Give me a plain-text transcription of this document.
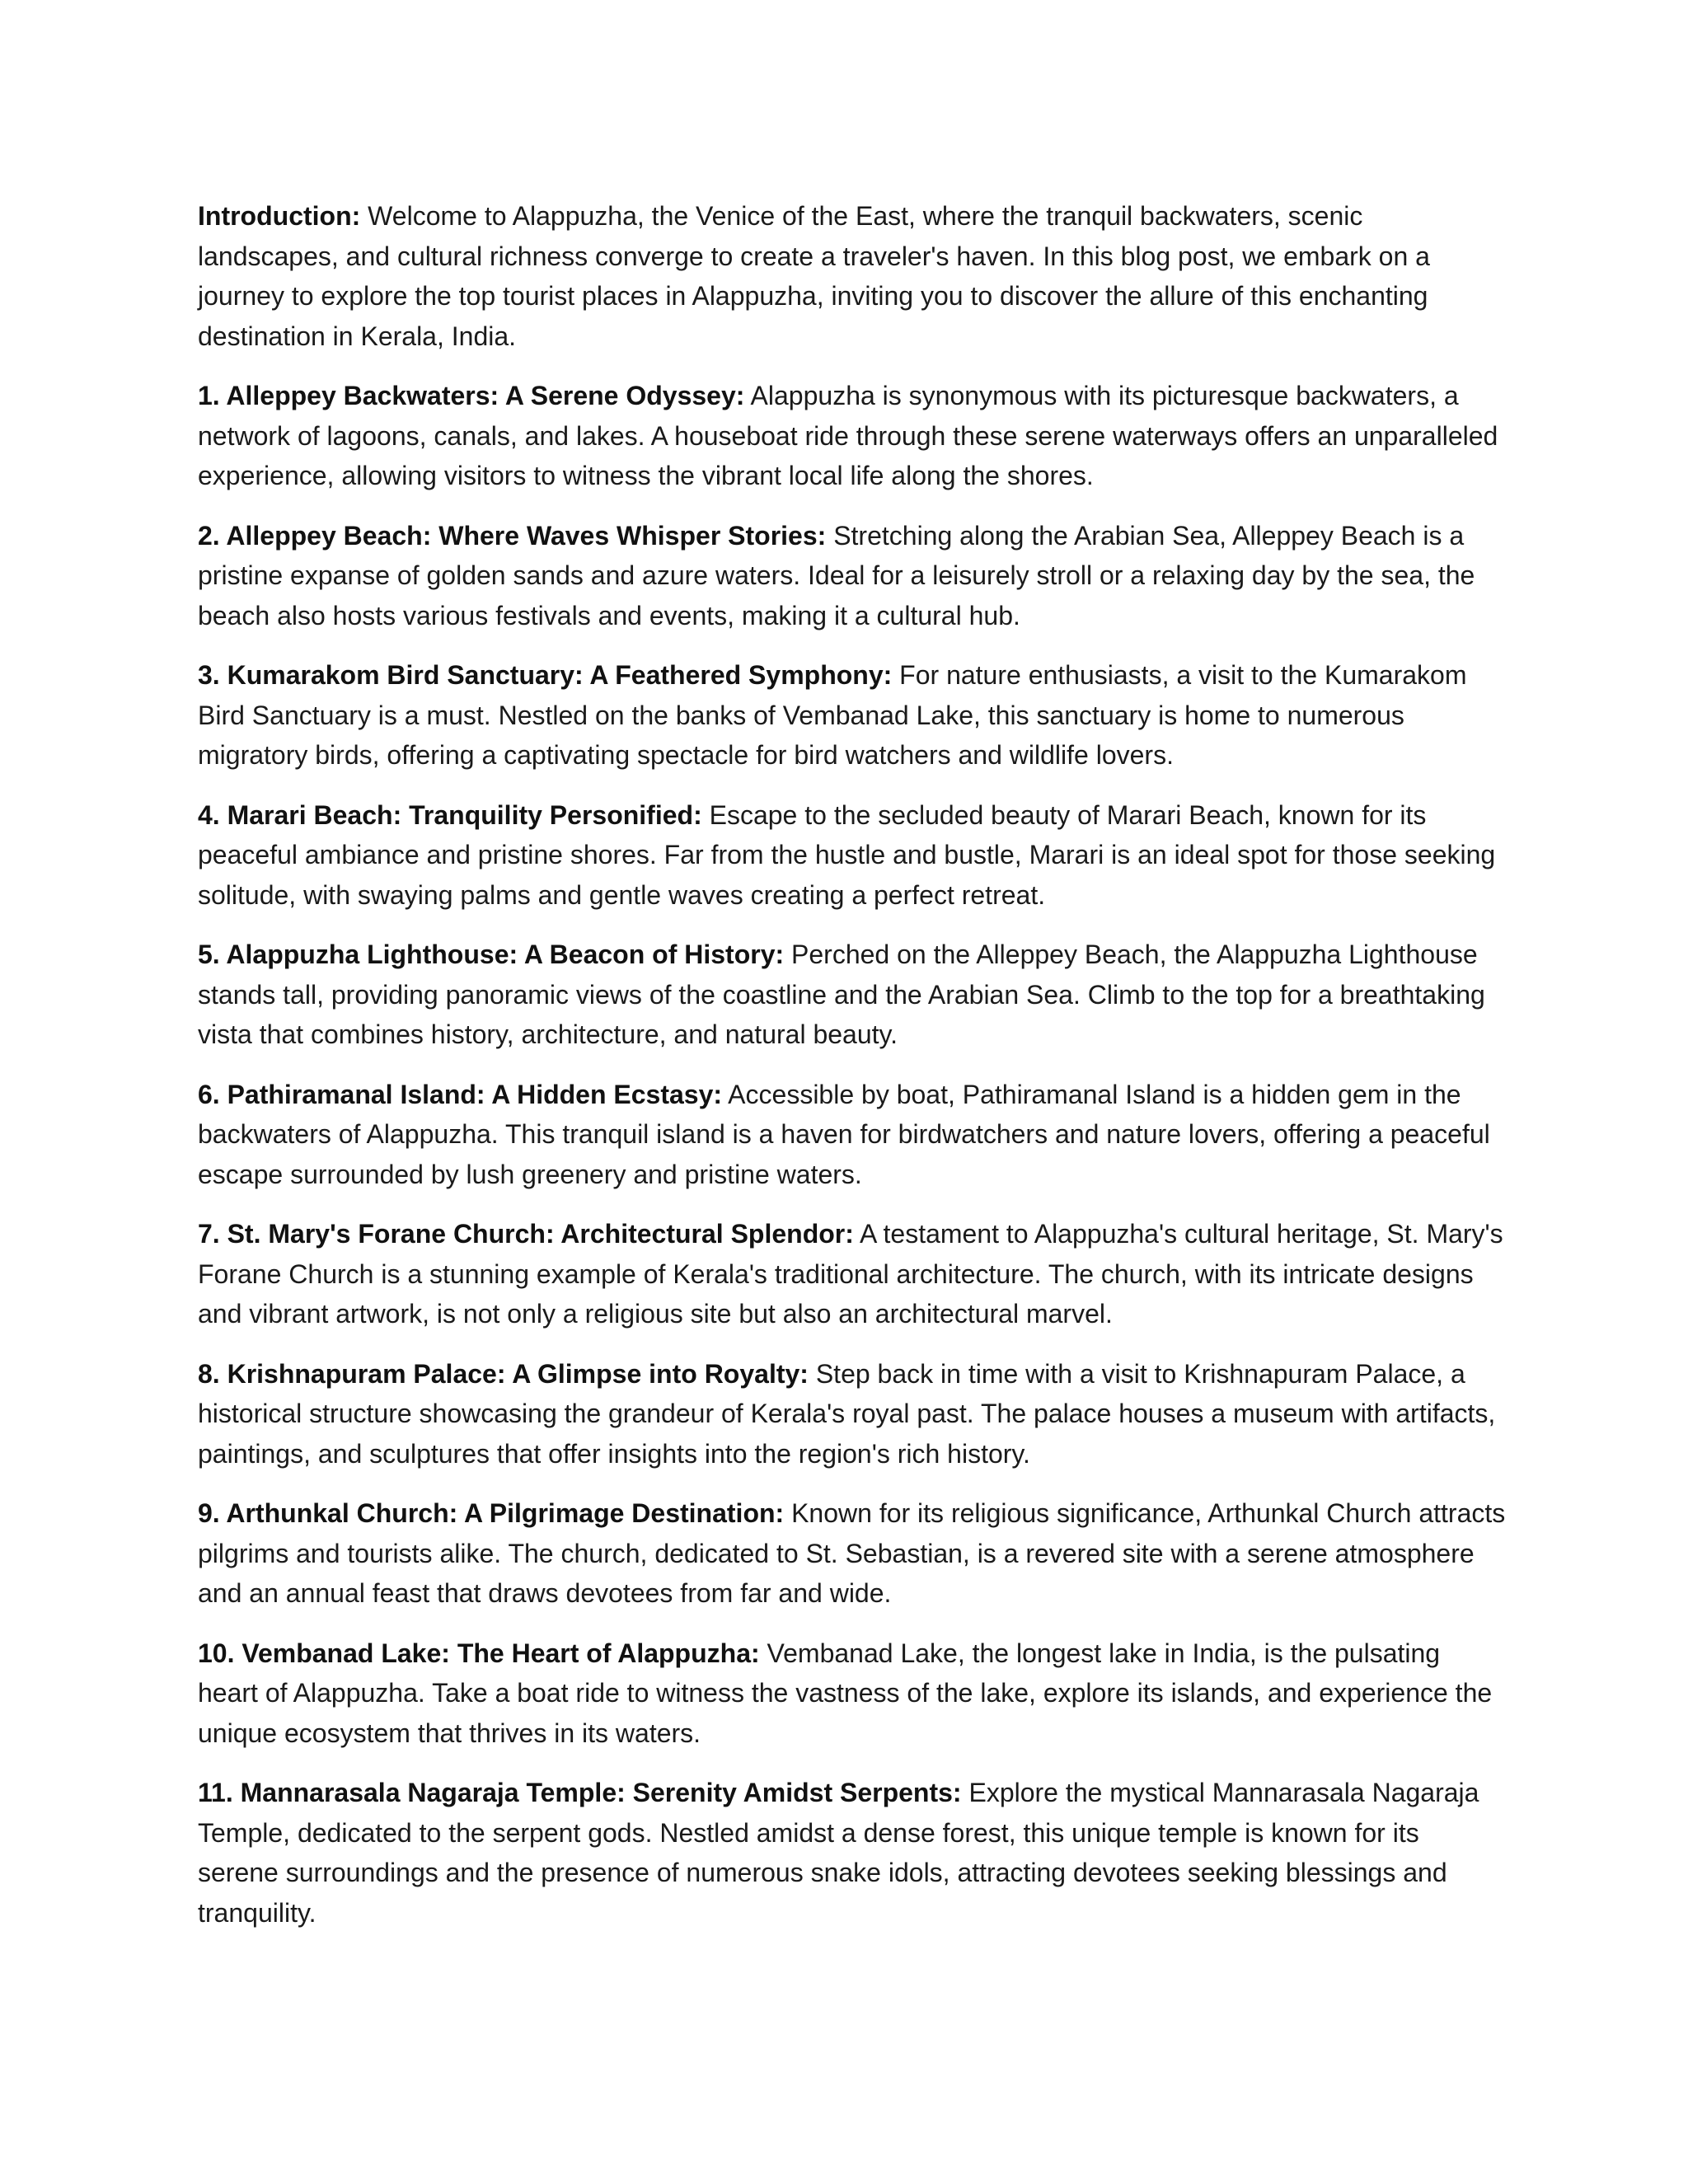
Introduction: Welcome to Alappuzha, the Venice of the East, where the tranquil backwaters, scenic landscapes, and cultural richness converge to create a traveler's haven. In this blog post, we embark on a journey to explore the top tourist places in Alappuzha, inviting you to discover the allure of this enchanting destination in Kerala, India.

1. Alleppey Backwaters: A Serene Odyssey: Alappuzha is synonymous with its picturesque backwaters, a network of lagoons, canals, and lakes. A houseboat ride through these serene waterways offers an unparalleled experience, allowing visitors to witness the vibrant local life along the shores.

2. Alleppey Beach: Where Waves Whisper Stories: Stretching along the Arabian Sea, Alleppey Beach is a pristine expanse of golden sands and azure waters. Ideal for a leisurely stroll or a relaxing day by the sea, the beach also hosts various festivals and events, making it a cultural hub.

3. Kumarakom Bird Sanctuary: A Feathered Symphony: For nature enthusiasts, a visit to the Kumarakom Bird Sanctuary is a must. Nestled on the banks of Vembanad Lake, this sanctuary is home to numerous migratory birds, offering a captivating spectacle for bird watchers and wildlife lovers.

4. Marari Beach: Tranquility Personified: Escape to the secluded beauty of Marari Beach, known for its peaceful ambiance and pristine shores. Far from the hustle and bustle, Marari is an ideal spot for those seeking solitude, with swaying palms and gentle waves creating a perfect retreat.

5. Alappuzha Lighthouse: A Beacon of History: Perched on the Alleppey Beach, the Alappuzha Lighthouse stands tall, providing panoramic views of the coastline and the Arabian Sea. Climb to the top for a breathtaking vista that combines history, architecture, and natural beauty.

6. Pathiramanal Island: A Hidden Ecstasy: Accessible by boat, Pathiramanal Island is a hidden gem in the backwaters of Alappuzha. This tranquil island is a haven for birdwatchers and nature lovers, offering a peaceful escape surrounded by lush greenery and pristine waters.

7. St. Mary's Forane Church: Architectural Splendor: A testament to Alappuzha's cultural heritage, St. Mary's Forane Church is a stunning example of Kerala's traditional architecture. The church, with its intricate designs and vibrant artwork, is not only a religious site but also an architectural marvel.

8. Krishnapuram Palace: A Glimpse into Royalty: Step back in time with a visit to Krishnapuram Palace, a historical structure showcasing the grandeur of Kerala's royal past. The palace houses a museum with artifacts, paintings, and sculptures that offer insights into the region's rich history.

9. Arthunkal Church: A Pilgrimage Destination: Known for its religious significance, Arthunkal Church attracts pilgrims and tourists alike. The church, dedicated to St. Sebastian, is a revered site with a serene atmosphere and an annual feast that draws devotees from far and wide.

10. Vembanad Lake: The Heart of Alappuzha: Vembanad Lake, the longest lake in India, is the pulsating heart of Alappuzha. Take a boat ride to witness the vastness of the lake, explore its islands, and experience the unique ecosystem that thrives in its waters.

11. Mannarasala Nagaraja Temple: Serenity Amidst Serpents: Explore the mystical Mannarasala Nagaraja Temple, dedicated to the serpent gods. Nestled amidst a dense forest, this unique temple is known for its serene surroundings and the presence of numerous snake idols, attracting devotees seeking blessings and tranquility.
